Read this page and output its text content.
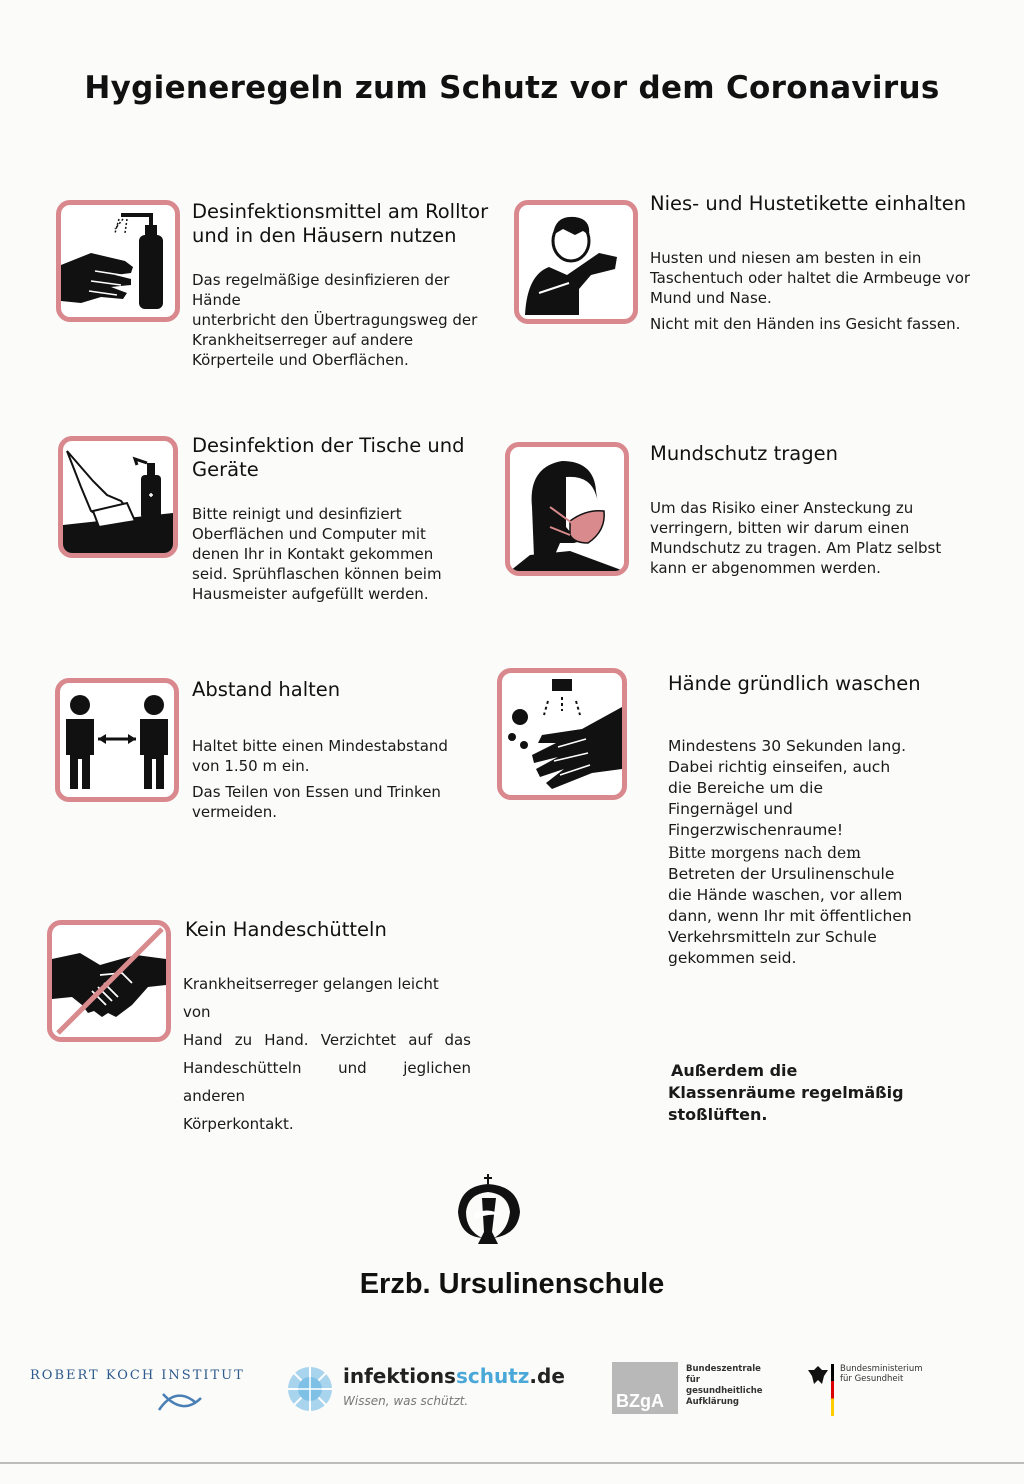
Hygieneregeln zum Schutz vor dem Coronavirus
Desinfektionsmittel am Rolltor
und in den Häusern nutzen

Das regelmäßige desinfizieren der Hände

unterbricht den Übertragungsweg der

Krankheitserreger auf andere

Körperteile und Oberflächen.

Nies- und Hustetikette einhalten

Husten und niesen am besten in ein

Taschentuch oder haltet die Armbeuge vor

Mund und Nase.

Nicht mit den Händen ins Gesicht fassen.

Desinfektion der Tische und
Geräte

Bitte reinigt und desinfiziert

Oberflächen und Computer mit

denen Ihr in Kontakt gekommen

seid. Sprühflaschen können beim

Hausmeister aufgefüllt werden.

Mundschutz tragen

Um das Risiko einer Ansteckung zu

verringern, bitten wir darum einen

Mundschutz zu tragen. Am Platz selbst

kann er abgenommen werden.

Abstand halten

Haltet bitte einen Mindestabstand

von 1.50 m ein.

Das Teilen von Essen und Trinken

vermeiden.

Hände gründlich waschen

Mindestens 30 Sekunden lang.

Dabei richtig einseifen, auch

die Bereiche um die

Fingernägel und

Fingerzwischenraume!

Bitte morgens nach dem

Betreten der Ursulinenschule

die Hände waschen, vor allem

dann, wenn Ihr mit öffentlichen

Verkehrsmitteln zur Schule

gekommen seid.

Kein Handeschütteln

Krankheitserreger gelangen leicht von

Hand zu Hand. Verzichtet auf das

Handeschütteln und jeglichen anderen

Körperkontakt.

Außerdem die
Klassenräume regelmäßig
stoßlüften.
Erzb. Ursulinenschule
ROBERT KOCH INSTITUT	infektionsschutz.de
Wissen, was schützt.	BZgA
Bundeszentrale
für
gesundheitliche
Aufklärung
Bundesministerium
für Gesundheit
